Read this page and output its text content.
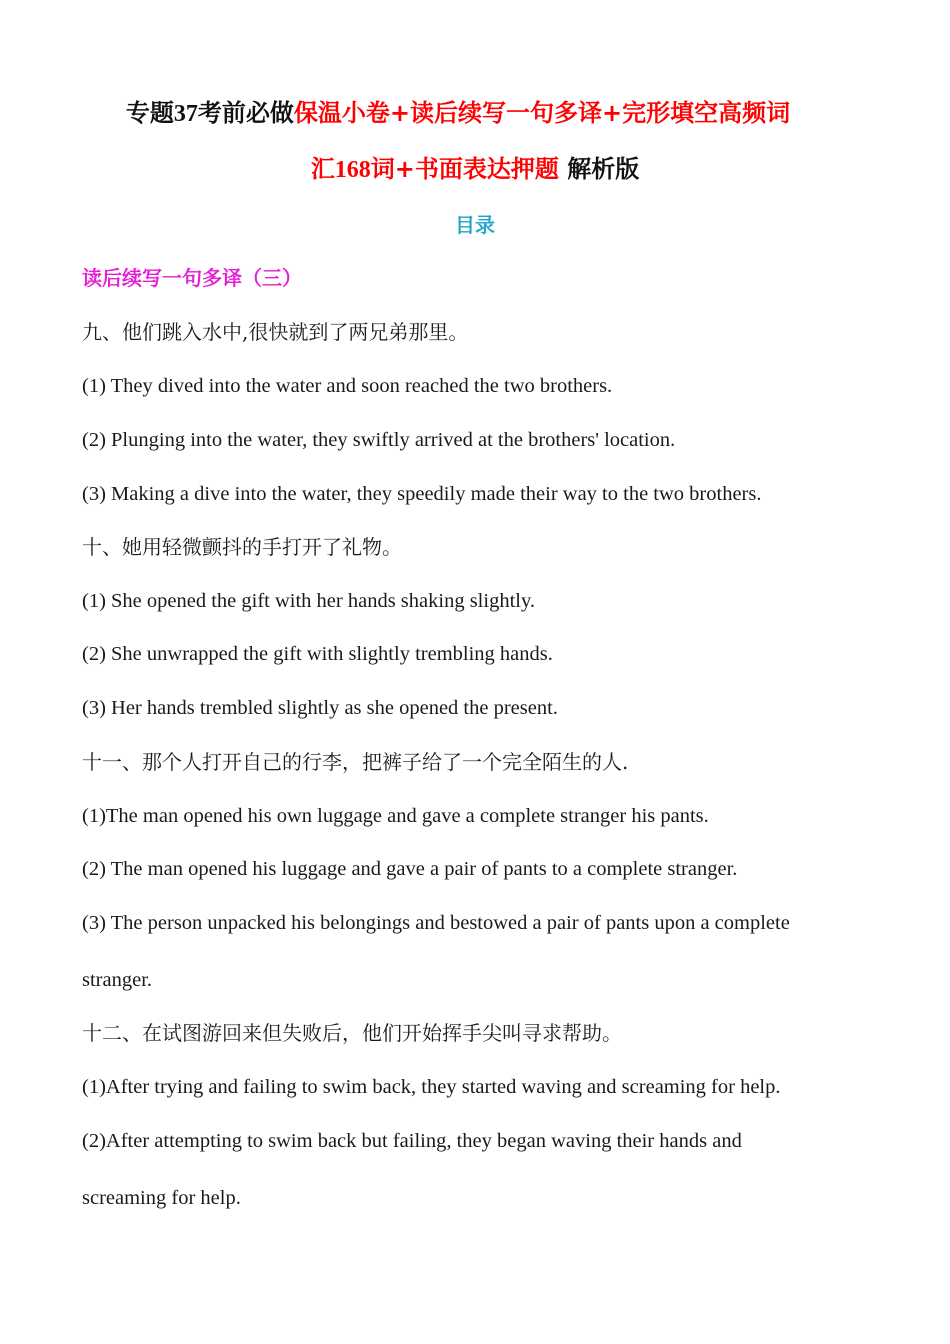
专题37考前必做保温小卷+读后续写一句多译+完形填空高频词
汇168词+书面表达押题 解析版
目录
读后续写一句多译（三）
九、他们跳入水中,很快就到了两兄弟那里。
(1) They dived into the water and soon reached the two brothers.
(2) Plunging into the water, they swiftly arrived at the brothers' location.
(3) Making a dive into the water, they speedily made their way to the two brothers.
十、她用轻微颤抖的手打开了礼物。
(1) She opened the gift with her hands shaking slightly.
(2) She unwrapped the gift with slightly trembling hands.
(3) Her hands trembled slightly as she opened the present.
十一、那个人打开自己的行李，把裤子给了一个完全陌生的人.
(1)The man opened his own luggage and gave a complete stranger his pants.
(2) The man opened his luggage and gave a pair of pants to a complete stranger.
(3) The person unpacked his belongings and bestowed a pair of pants upon a complete
stranger.
十二、在试图游回来但失败后，他们开始挥手尖叫寻求帮助。
(1)After trying and failing to swim back, they started waving and screaming for help.
(2)After attempting to swim back but failing, they began waving their hands and
screaming for help.
